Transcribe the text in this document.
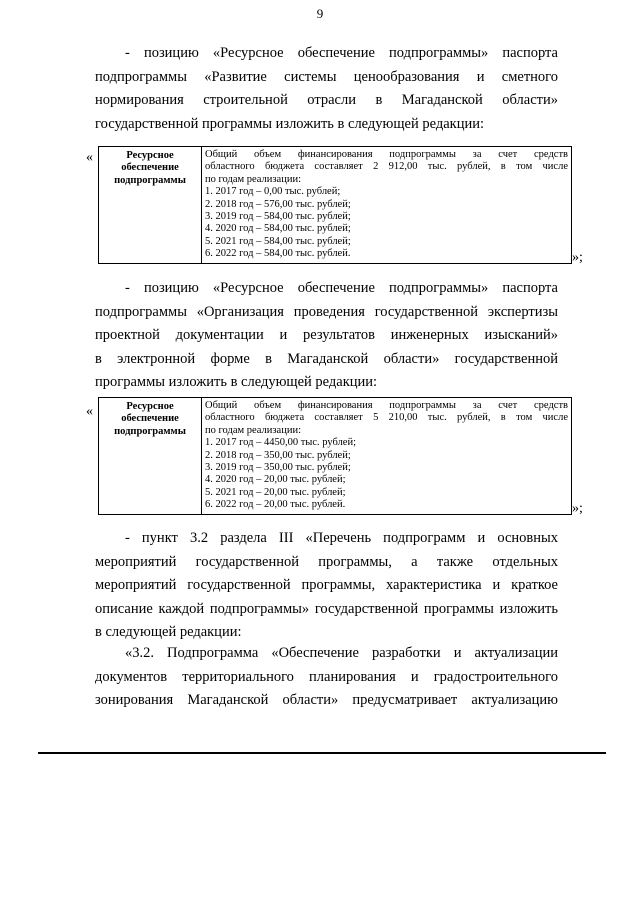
9
- позицию «Ресурсное обеспечение подпрограммы» паспорта
подпрограммы «Развитие системы ценообразования и сметного
нормирования строительной отрасли в Магаданской области»
государственной программы изложить в следующей редакции:
«	Ресурсное
обеспечение
подпрограммы

Общий объем финансирования подпрограммы за счет средств
областного бюджета составляет 2 912,00 тыс. рублей, в том числе
по годам реализации:
1. 2017 год – 0,00 тыс. рублей;
2. 2018 год – 576,00 тыс. рублей;
3. 2019 год – 584,00 тыс. рублей;
4. 2020 год – 584,00 тыс. рублей;
5. 2021 год – 584,00 тыс. рублей;
6. 2022 год – 584,00 тыс. рублей.	»;
- позицию «Ресурсное обеспечение подпрограммы» паспорта
подпрограммы «Организация проведения государственной экспертизы
проектной документации и результатов инженерных изысканий»
в электронной форме в Магаданской области» государственной
программы изложить в следующей редакции:
«	Ресурсное
обеспечение
подпрограммы

Общий объем финансирования подпрограммы за счет средств
областного бюджета составляет 5 210,00 тыс. рублей, в том числе
по годам реализации:
1. 2017 год – 4450,00 тыс. рублей;
2. 2018 год – 350,00 тыс. рублей;
3. 2019 год – 350,00 тыс. рублей;
4. 2020 год – 20,00 тыс. рублей;
5. 2021 год – 20,00 тыс. рублей;
6. 2022 год – 20,00 тыс. рублей.	»;
- пункт 3.2 раздела III «Перечень подпрограмм и основных
мероприятий государственной программы, а также отдельных
мероприятий государственной программы, характеристика и краткое
описание каждой подпрограммы» государственной программы изложить
в следующей редакции:
«3.2. Подпрограмма «Обеспечение разработки и актуализации
документов территориального планирования и градостроительного
зонирования Магаданской области» предусматривает актуализацию
